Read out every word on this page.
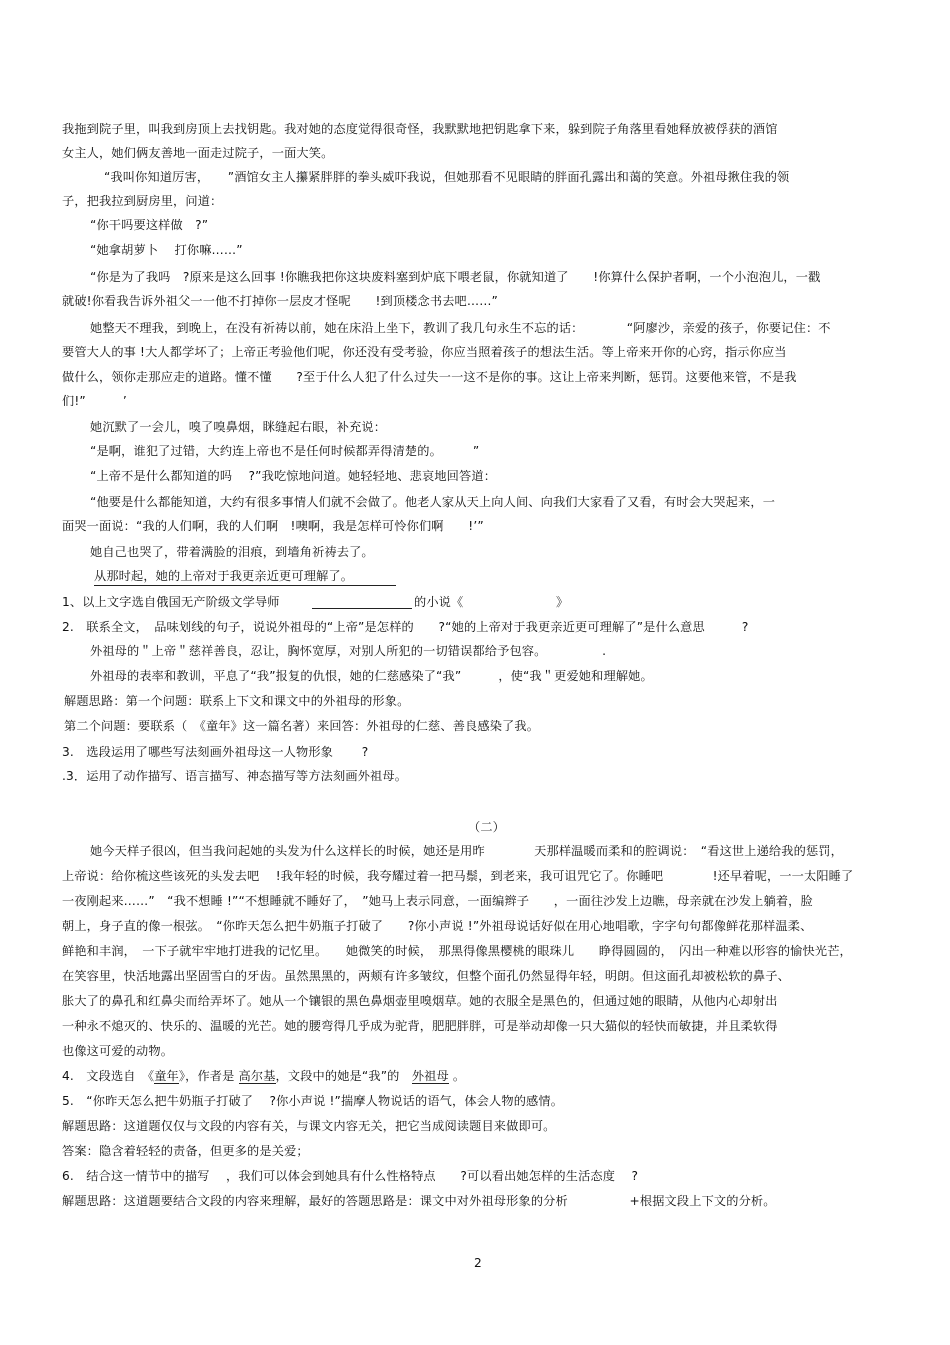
我拖到院子里，叫我到房顶上去找钥匙。我对她的态度觉得很奇怪，我默默地把钥匙拿下来，躲到院子角落里看她释放被俘获的酒馆
女主人，她们俩友善地一面走过院子，一面大笑。
“我叫你知道厉害，　　”酒馆女主人攥紧胖胖的拳头威吓我说，但她那看不见眼睛的胖面孔露出和蔼的笑意。外祖母揪住我的领
子，把我拉到厨房里，问道：
“你干吗要这样做　?”
“她拿胡萝卜　 打你嘛……”
“你是为了我吗　?原来是这么回事 !你瞧我把你这块废料塞到炉底下喂老鼠，你就知道了　　!你算什么保护者啊，一个小泡泡儿，一戳
就破!你看我告诉外祖父一一他不打掉你一层皮才怪呢　　!到顶楼念书去吧……”
她整天不理我，到晚上，在没有祈祷以前，她在床沿上坐下，教训了我几句永生不忘的话：　　　　“阿廖沙，亲爱的孩子，你要记住：不
要管大人的事 !大人都学坏了；上帝正考验他们呢，你还没有受考验，你应当照着孩子的想法生活。等上帝来开你的心窍，指示你应当
做什么，领你走那应走的道路。懂不懂　　?至于什么人犯了什么过失一一这不是你的事。这让上帝来判断，惩罚。这要他来管，不是我
们!”　　　’
她沉默了一会儿，嗅了嗅鼻烟，眯缝起右眼，补充说：
“是啊，谁犯了过错，大约连上帝也不是任何时候都弄得清楚的。　　　”
“上帝不是什么都知道的吗　 ?”我吃惊地问道。她轻轻地、悲哀地回答道：
“他要是什么都能知道，大约有很多事情人们就不会做了。他老人家从天上向人间、向我们大家看了又看，有时会大哭起来，一
面哭一面说：“我的人们啊，我的人们啊　!噢啊，我是怎样可怜你们啊　　!’”
她自己也哭了，带着满脸的泪痕，到墙角祈祷去了。
从那时起，她的上帝对于我更亲近更可理解了。
1、以上文字选自俄国无产阶级文学导师	的小说《	》
2.　联系全文，　品味划线的句子，说说外祖母的“上帝”是怎样的　　?“她的上帝对于我更亲近更可理解了”是什么意思　　　?
外祖母的＂上帝＂慈祥善良，忍让，胸怀宽厚，对别人所犯的一切错误都给予包容。　　　　　.
外祖母的表率和教训，平息了“我”报复的仇恨，她的仁慈感染了“我”　　　，使“我＂更爱她和理解她。
解题思路：第一个问题：联系上下文和课文中的外祖母的形象。
第二个问题：要联系（　《童年》这一篇名著）来回答：外祖母的仁慈、善良感染了我。
3.　选段运用了哪些写法刻画外祖母这一人物形象　　 ?
.3．运用了动作描写、语言描写、神态描写等方法刻画外祖母。
（二）
她今天样子很凶，但当我问起她的头发为什么这样长的时候，她还是用昨　　　　天那样温暖而柔和的腔调说：　“看这世上递给我的惩罚，
上帝说：给你梳这些该死的头发去吧　 !我年轻的时候，我夸耀过着一把马鬃，到老来，我可诅咒它了。你睡吧　　　　!还早着呢，一一太阳睡了
一夜刚起来……”　“我不想睡 !”“不想睡就不睡好了，　”她马上表示同意，一面编辫子　　，一面往沙发上边瞧，母亲就在沙发上躺着，脸
朝上，身子直的像一根弦。　“你昨天怎么把牛奶瓶子打破了　　?你小声说 !”外祖母说话好似在用心地唱歌，字字句句都像鲜花那样温柔、
鲜艳和丰润，　一下子就牢牢地打进我的记忆里。　　她微笑的时候，　那黑得像黑樱桃的眼珠儿　　睁得圆圆的，　闪出一种难以形容的愉快光芒，
在笑容里，快活地露出坚固雪白的牙齿。虽然黑黑的，两颊有许多皱纹，但整个面孔仍然显得年轻，明朗。但这面孔却被松软的鼻子、
胀大了的鼻孔和红鼻尖而给弄坏了。她从一个镶银的黑色鼻烟壶里嗅烟草。她的衣服全是黑色的，但通过她的眼睛，从他内心却射出
一种永不熄灭的、快乐的、温暖的光芒。她的腰弯得几乎成为驼背，肥肥胖胖，可是举动却像一只大猫似的轻快而敏捷，并且柔软得
也像这可爱的动物。
4.　文段选自　《童年》，作者是 高尔基，文段中的她是“我”的　外祖母 。
5.　“你昨天怎么把牛奶瓶子打破了　 ?你小声说 !”揣摩人物说话的语气，体会人物的感情。
解题思路：这道题仅仅与文段的内容有关，与课文内容无关，把它当成阅读题目来做即可。
答案：隐含着轻轻的责备，但更多的是关爱；
6.　结合这一情节中的描写　 ，我们可以体会到她具有什么性格特点　　?可以看出她怎样的生活态度　 ?
解题思路：这道题要结合文段的内容来理解，最好的答题思路是：课文中对外祖母形象的分析　　　　　+根据文段上下文的分析。
2
